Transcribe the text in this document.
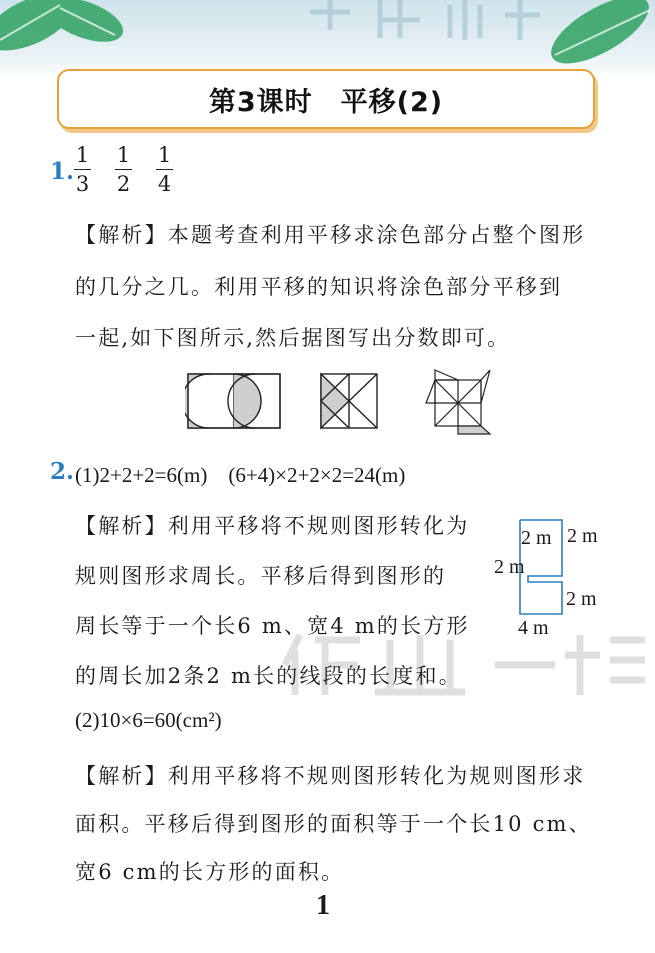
第3课时　平移(2)
1.
1
3
1
2
1
4
【解析】本题考查利用平移求涂色部分占整个图形
的几分之几。利用平移的知识将涂色部分平移到
一起,如下图所示,然后据图写出分数即可。
2. (1)2+2+2=6(m)　(6+4)×2+2×2=24(m)
【解析】利用平移将不规则图形转化为
规则图形求周长。平移后得到图形的
周长等于一个长6 m、宽4 m的长方形
的周长加2条2 m长的线段的长度和。
2 m 2 m
2 m
2 m
4 m
(2)10×6=60(cm²)
【解析】利用平移将不规则图形转化为规则图形求
面积。平移后得到图形的面积等于一个长10 cm、
宽6 cm的长方形的面积。
1
